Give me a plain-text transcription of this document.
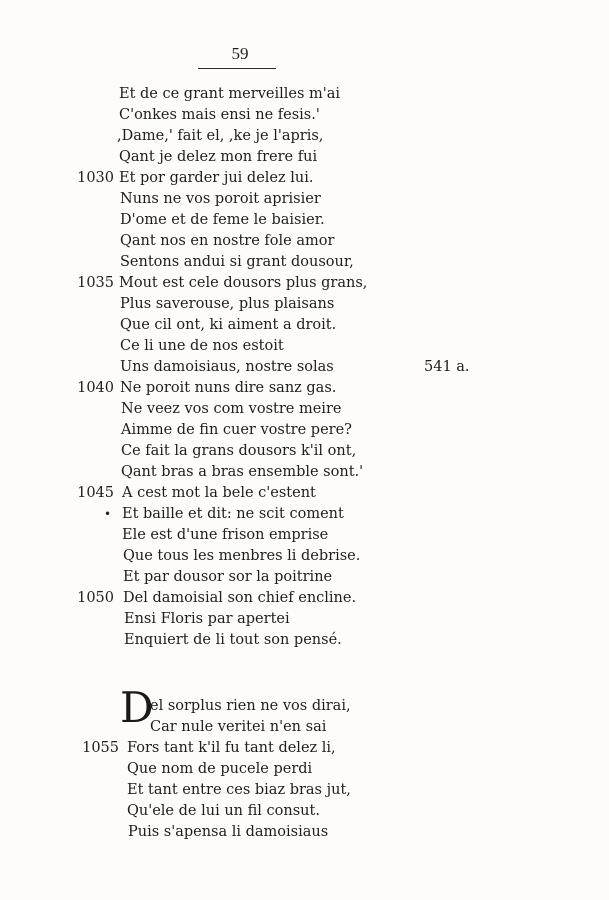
59
Et de ce grant merveilles m'ai
C'onkes mais ensi ne fesis.'
,Dame,' fait el, ,ke je l'apris,
Qant je delez mon frere fui
Et por garder jui delez lui.
Nuns ne vos poroit aprisier
D'ome et de feme le baisier.
Qant nos en nostre fole amor
Sentons andui si grant dousour,
Mout est cele dousors plus grans,
Plus saverouse, plus plaisans
Que cil ont, ki aiment a droit.
Ce li une de nos estoit
Uns damoisiaus, nostre solas
Ne poroit nuns dire sanz gas.
Ne veez vos com vostre meire
Aimme de fin cuer vostre pere?
Ce fait la grans dousors k'il ont,
Qant bras a bras ensemble sont.'
A cest mot la bele c'estent
Et baille et dit: ne scit coment
Ele est d'une frison emprise
Que tous les menbres li debrise.
Et par dousor sor la poitrine
Del damoisial son chief encline.
Ensi Floris par apertei
Enquiert de li tout son pensé.
1030
1035
1040
1045
1050
•
541 a.
D
el sorplus rien ne vos dirai,
Car nule veritei n'en sai
Fors tant k'il fu tant delez li,
Que nom de pucele perdi
Et tant entre ces biaz bras jut,
Qu'ele de lui un fil consut.
Puis s'apensa li damoisiaus
1055
